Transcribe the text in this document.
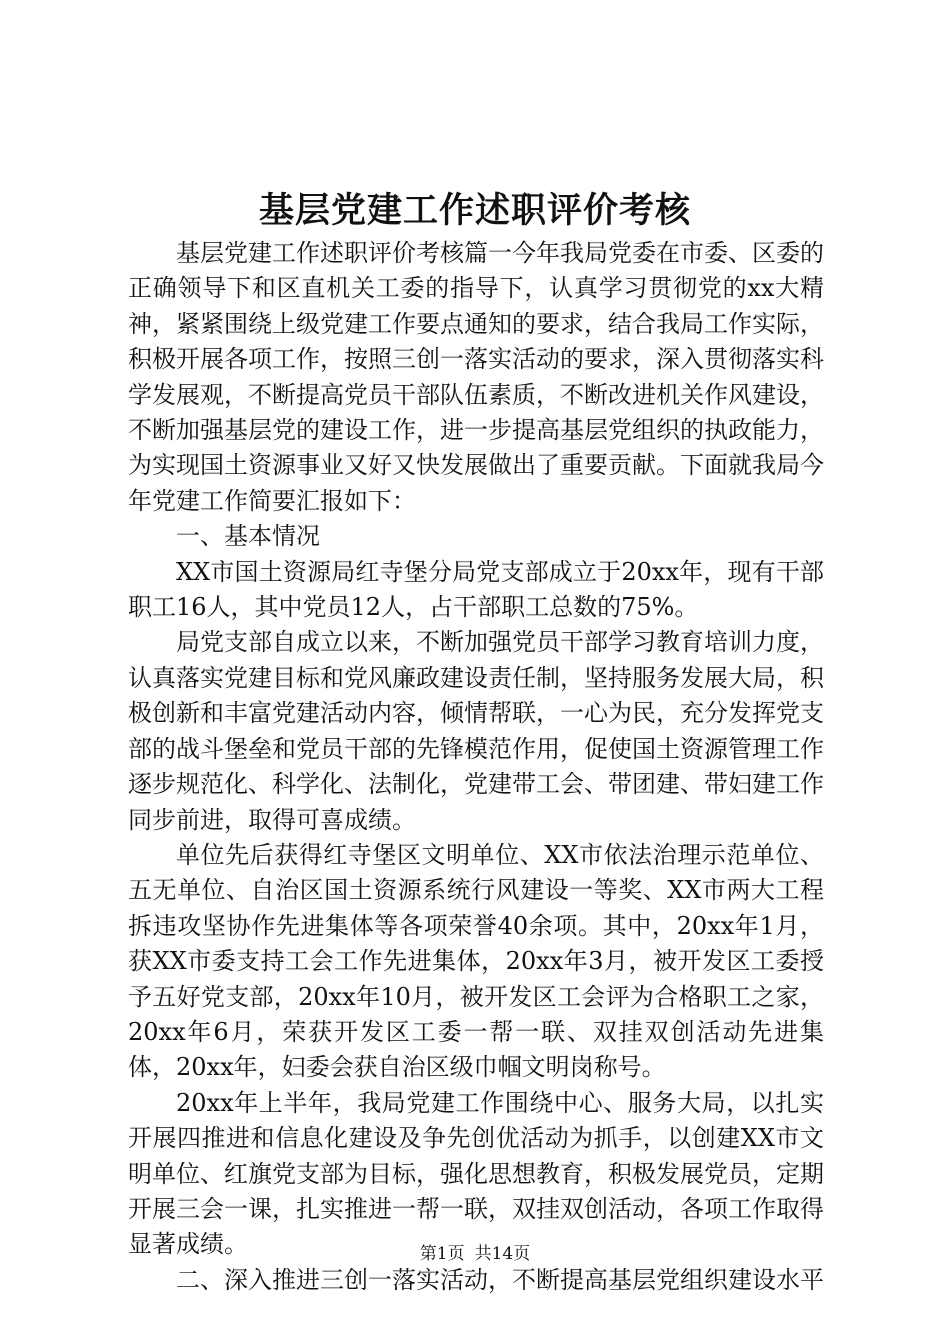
基层党建工作述职评价考核

基层党建工作述职评价考核篇一今年我局党委在市委、区委的正确领导下和区直机关工委的指导下，认真学习贯彻党的xx大精神，紧紧围绕上级党建工作要点通知的要求，结合我局工作实际，积极开展各项工作，按照三创一落实活动的要求，深入贯彻落实科学发展观，不断提高党员干部队伍素质，不断改进机关作风建设，不断加强基层党的建设工作，进一步提高基层党组织的执政能力，为实现国土资源事业又好又快发展做出了重要贡献。下面就我局今年党建工作简要汇报如下：

一、基本情况

XX市国土资源局红寺堡分局党支部成立于20xx年，现有干部职工16人，其中党员12人，占干部职工总数的75%。

局党支部自成立以来，不断加强党员干部学习教育培训力度，认真落实党建目标和党风廉政建设责任制，坚持服务发展大局，积极创新和丰富党建活动内容，倾情帮联，一心为民，充分发挥党支部的战斗堡垒和党员干部的先锋模范作用，促使国土资源管理工作逐步规范化、科学化、法制化，党建带工会、带团建、带妇建工作同步前进，取得可喜成绩。

单位先后获得红寺堡区文明单位、XX市依法治理示范单位、五无单位、自治区国土资源系统行风建设一等奖、XX市两大工程拆违攻坚协作先进集体等各项荣誉40余项。其中，20xx年1月，获XX市委支持工会工作先进集体，20xx年3月，被开发区工委授予五好党支部，20xx年10月，被开发区工会评为合格职工之家，20xx年6月，荣获开发区工委一帮一联、双挂双创活动先进集体，20xx年，妇委会获自治区级巾帼文明岗称号。

20xx年上半年，我局党建工作围绕中心、服务大局，以扎实开展四推进和信息化建设及争先创优活动为抓手，以创建XX市文明单位、红旗党支部为目标，强化思想教育，积极发展党员，定期开展三会一课，扎实推进一帮一联，双挂双创活动，各项工作取得显著成绩。

二、深入推进三创一落实活动，不断提高基层党组织建设水平

第1页 共14页
